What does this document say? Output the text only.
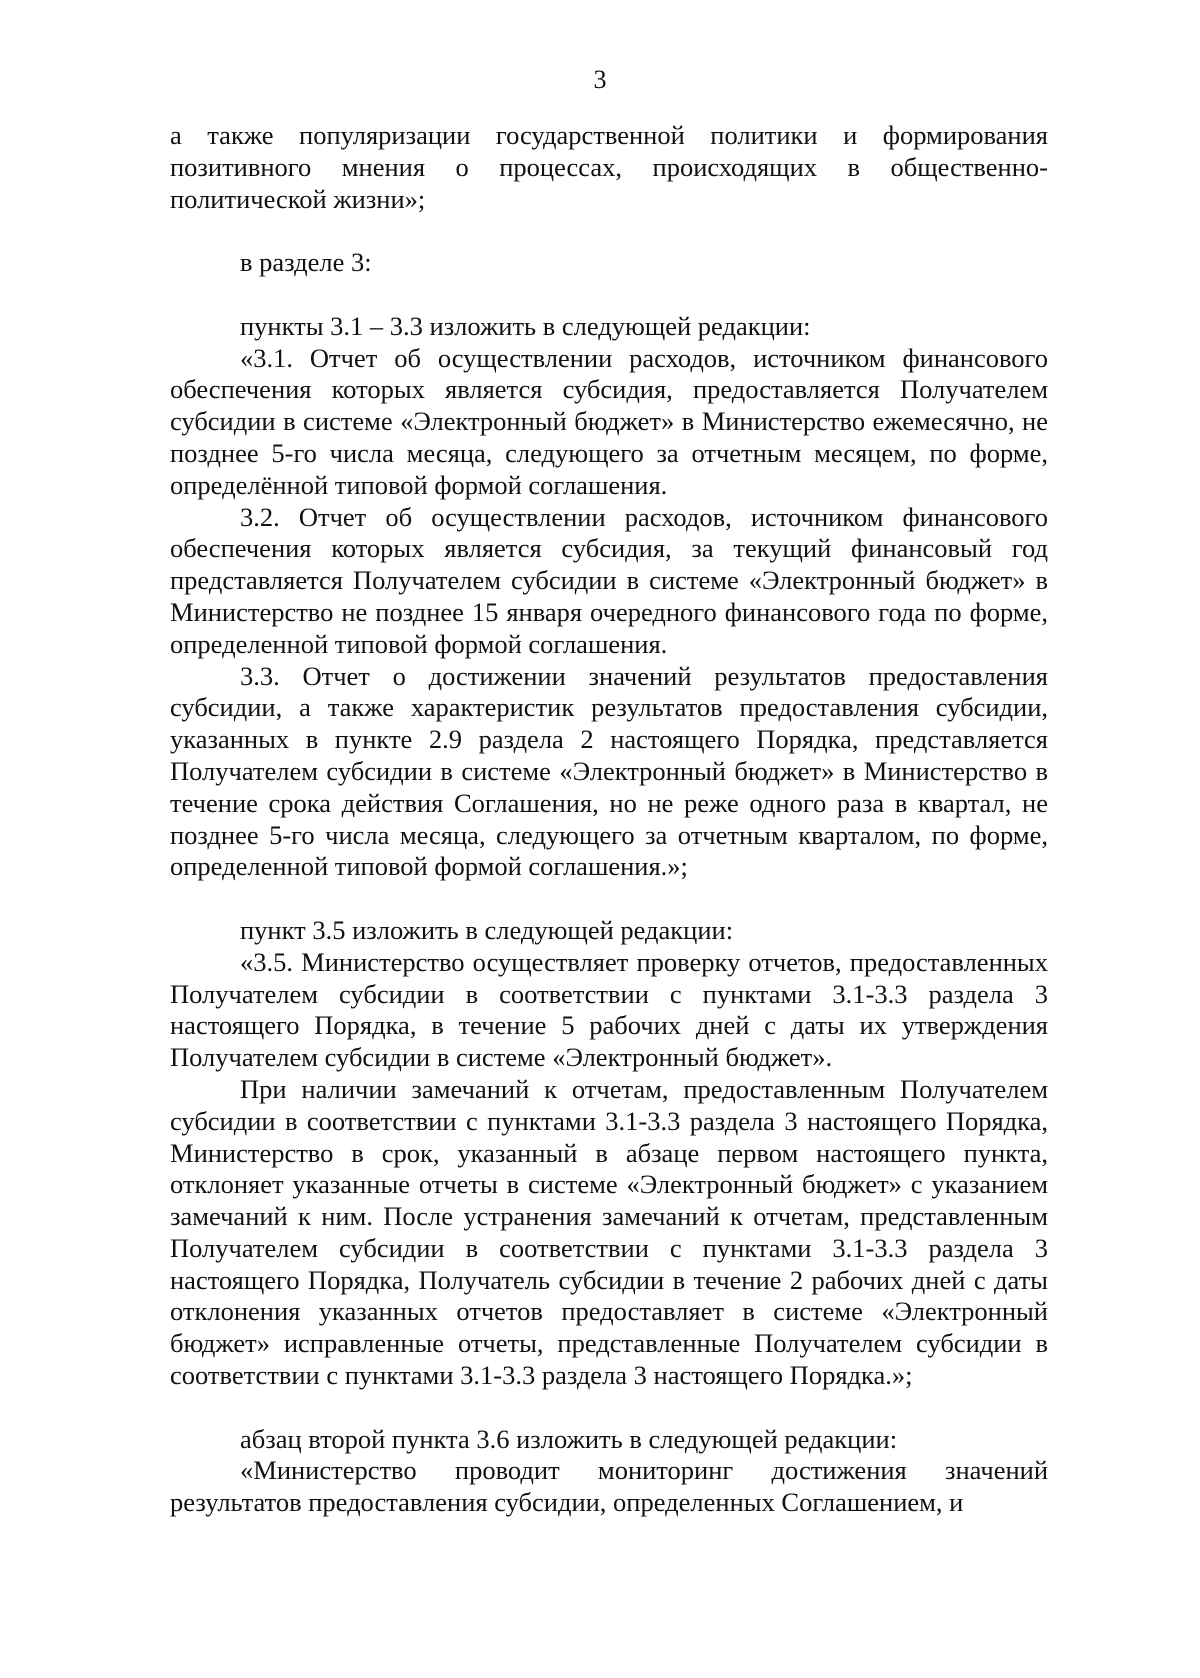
3

а также популяризации государственной политики и формирования позитивного мнения о процессах, происходящих в общественно-политической жизни»;

в разделе 3:

пункты 3.1 – 3.3 изложить в следующей редакции:

«3.1. Отчет об осуществлении расходов, источником финансового обеспечения которых является субсидия, предоставляется Получателем субсидии в системе «Электронный бюджет» в Министерство ежемесячно, не позднее 5-го числа месяца, следующего за отчетным месяцем, по форме, определённой типовой формой соглашения.

3.2. Отчет об осуществлении расходов, источником финансового обеспечения которых является субсидия, за текущий финансовый год представляется Получателем субсидии в системе «Электронный бюджет» в Министерство не позднее 15 января очередного финансового года по форме, определенной типовой формой соглашения.

3.3. Отчет о достижении значений результатов предоставления субсидии, а также характеристик результатов предоставления субсидии, указанных в пункте 2.9 раздела 2 настоящего Порядка, представляется Получателем субсидии в системе «Электронный бюджет» в Министерство в течение срока действия Соглашения, но не реже одного раза в квартал, не позднее 5-го числа месяца, следующего за отчетным кварталом, по форме, определенной типовой формой соглашения.»;

пункт 3.5 изложить в следующей редакции:

«3.5. Министерство осуществляет проверку отчетов, предоставленных Получателем субсидии в соответствии с пунктами 3.1-3.3 раздела 3 настоящего Порядка, в течение 5 рабочих дней с даты их утверждения Получателем субсидии в системе «Электронный бюджет».

При наличии замечаний к отчетам, предоставленным Получателем субсидии в соответствии с пунктами 3.1-3.3 раздела 3 настоящего Порядка, Министерство в срок, указанный в абзаце первом настоящего пункта, отклоняет указанные отчеты в системе «Электронный бюджет» с указанием замечаний к ним. После устранения замечаний к отчетам, представленным Получателем субсидии в соответствии с пунктами 3.1-3.3 раздела 3 настоящего Порядка, Получатель субсидии в течение 2 рабочих дней с даты отклонения указанных отчетов предоставляет в системе «Электронный бюджет» исправленные отчеты, представленные Получателем субсидии в соответствии с пунктами 3.1-3.3 раздела 3 настоящего Порядка.»;

абзац второй пункта 3.6 изложить в следующей редакции:

«Министерство проводит мониторинг достижения значений результатов предоставления субсидии, определенных Соглашением, и
